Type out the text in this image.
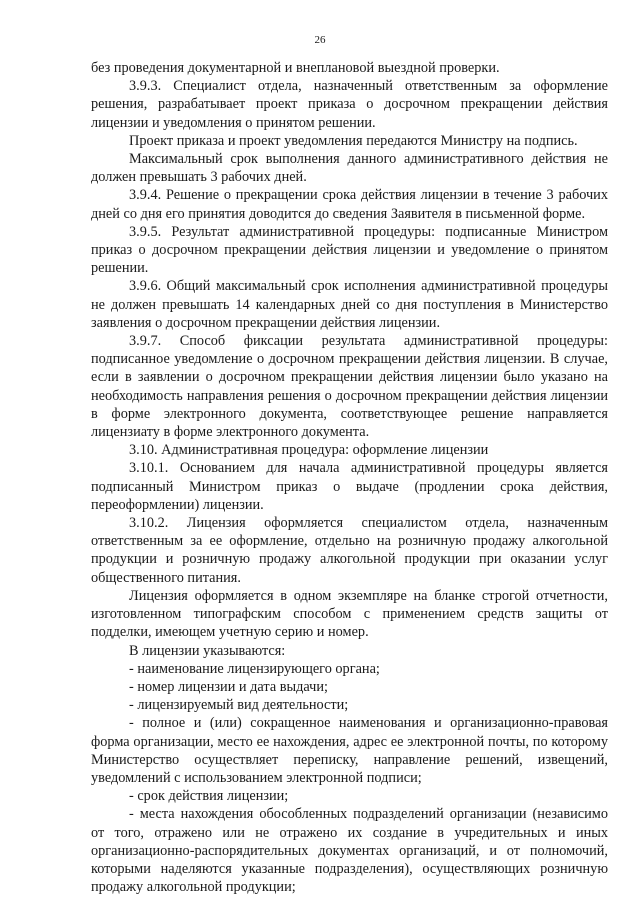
26

без проведения документарной и внеплановой выездной проверки.

3.9.3. Специалист отдела, назначенный ответственным за оформление решения, разрабатывает проект приказа о досрочном прекращении действия лицензии и уведомления о принятом решении.

Проект приказа и проект уведомления передаются Министру на подпись.

Максимальный срок выполнения данного административного действия не должен превышать 3 рабочих дней.

3.9.4. Решение о прекращении срока действия лицензии в течение 3 рабочих дней со дня его принятия доводится до сведения Заявителя в письменной форме.

3.9.5. Результат административной процедуры: подписанные Министром приказ о досрочном прекращении действия лицензии и уведомление о принятом решении.

3.9.6. Общий максимальный срок исполнения административной процедуры не должен превышать 14 календарных дней со дня поступления в Министерство заявления о досрочном прекращении действия лицензии.

3.9.7. Способ фиксации результата административной процедуры: подписанное уведомление о досрочном прекращении действия лицензии. В случае, если в заявлении о досрочном прекращении действия лицензии было указано на необходимость направления решения о досрочном прекращении действия лицензии в форме электронного документа, соответствующее решение направляется лицензиату в форме электронного документа.

3.10. Административная процедура: оформление лицензии

3.10.1. Основанием для начала административной процедуры является подписанный Министром приказ о выдаче (продлении срока действия, переоформлении) лицензии.

3.10.2. Лицензия оформляется специалистом отдела, назначенным ответственным за ее оформление, отдельно на розничную продажу алкогольной продукции и розничную продажу алкогольной продукции при оказании услуг общественного питания.

Лицензия оформляется в одном экземпляре на бланке строгой отчетности, изготовленном типографским способом с применением средств защиты от подделки, имеющем учетную серию и номер.

В лицензии указываются:

- наименование лицензирующего органа;

- номер лицензии и дата выдачи;

- лицензируемый вид деятельности;

- полное и (или) сокращенное наименования и организационно-правовая форма организации, место ее нахождения, адрес ее электронной почты, по которому Министерство осуществляет переписку, направление решений, извещений, уведомлений с использованием электронной подписи;

- срок действия лицензии;

- места нахождения обособленных подразделений организации (независимо от того, отражено или не отражено их создание в учредительных и иных организационно-распорядительных документах организаций, и от полномочий, которыми наделяются указанные подразделения), осуществляющих розничную продажу алкогольной продукции;
